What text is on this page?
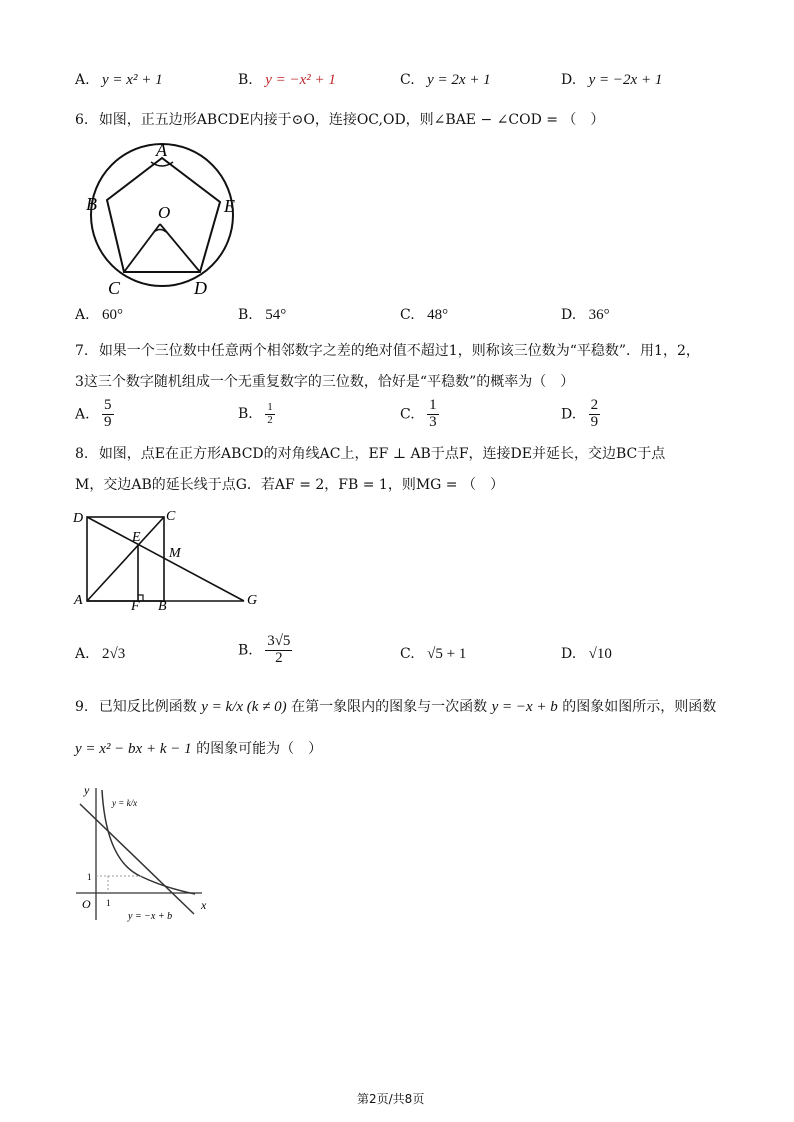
A. y = x² + 1	B. y = −x² + 1	C. y = 2x + 1	D. y = −2x + 1
6. 如图，正五边形ABCDE内接于⊙O，连接OC,OD，则∠BAE − ∠COD = （　）
A
B	E
O
C	D
A. 60°	B. 54°	C. 48°	D. 36°
7. 如果一个三位数中任意两个相邻数字之差的绝对值不超过1，则称该三位数为“平稳数”．用1，2，
3这三个数字随机组成一个无重复数字的三位数，恰好是“平稳数”的概率为（　）
A. $\frac{5}{9}$	B. $\frac{1}{2}$	C. $\frac{1}{3}$	D. $\frac{2}{9}$
8. 如图，点E在正方形ABCD的对角线AC上，EF ⊥ AB于点F，连接DE并延长，交边BC于点
M，交边AB的延长线于点G．若AF = 2，FB = 1，则MG = （　）
D	C
E
M
A	F B	G
A. 2√3	B. $\frac{3√5}{2}$	C. √5 + 1	D. √10
9. 已知反比例函数 y = k/x (k ≠ 0) 在第一象限内的图象与一次函数 y = −x + b 的图象如图所示，则函数
y = x² − bx + k − 1 的图象可能为（　）
y
x
O 1
1
y = k/x
y = −x + b
第2页/共8页
